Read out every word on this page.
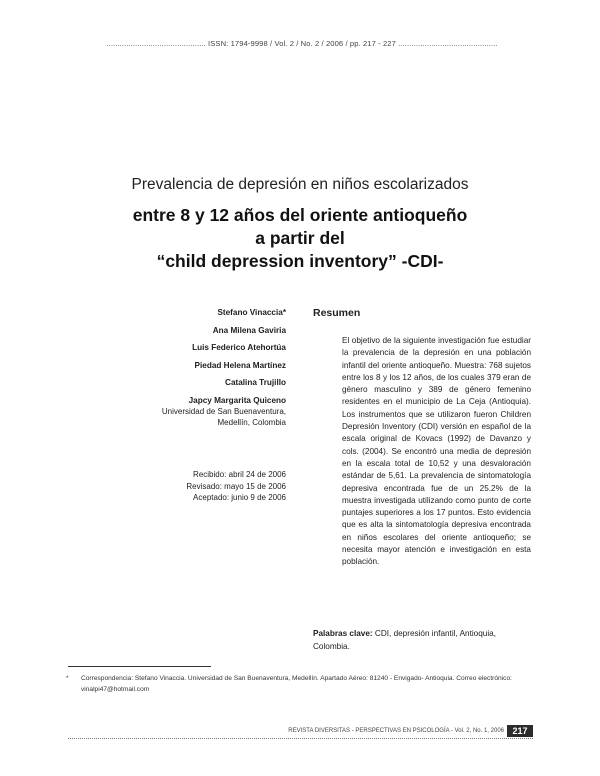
............................................. ISSN: 1794-9998 / Vol. 2 / No. 2 / 2006 / pp. 217 - 227 .............................................
Prevalencia de depresión en niños escolarizados
entre 8 y 12 años del oriente antioqueño
a partir del
“child depression inventory” -CDI-
Stefano Vinaccia*
Ana Milena Gaviria
Luis Federico Atehortúa
Piedad Helena Martínez
Catalina Trujillo
Japcy Margarita Quiceno
Universidad de San Buenaventura,
Medellín, Colombia
Recibido: abril 24 de 2006
Revisado: mayo 15 de 2006
Aceptado: junio 9 de 2006
Resumen
El objetivo de la siguiente investigación fue estudiar la prevalencia de la depresión en una población infantil del oriente antioqueño. Muestra: 768 sujetos entre los 8 y los 12 años, de los cuales 379 eran de género masculino y 389 de género femenino residentes en el municipio de La Ceja (Antioquia). Los instrumentos que se utilizaron fueron Children Depresión Inventory (CDI) versión en español de la escala original de Kovacs (1992) de Davanzo y cols. (2004). Se encontró una media de depresión en la escala total de 10,52 y una desvaloración estándar de 5,61. La prevalencia de sintomatología depresiva encontrada fue de un 25.2% de la muestra investigada utilizando como punto de corte puntajes superiores a los 17 puntos. Esto evidencia que es alta la sintomatología depresiva encontrada en niños escolares del oriente antioqueño; se necesita mayor atención e investigación en esta población.
Palabras clave: CDI, depresión infantil, Antioquia, Colombia.
* Correspondencia: Stefano Vinaccia. Universidad de San Buenaventura, Medellín. Apartado Aéreo: 81240 - Envigado- Antioquia. Correo electrónico: vinalpi47@hotmail.com
REVISTA DIVERSITAS - PERSPECTIVAS EN PSICOLOGÍA - Vol. 2, No. 1, 2006 217
